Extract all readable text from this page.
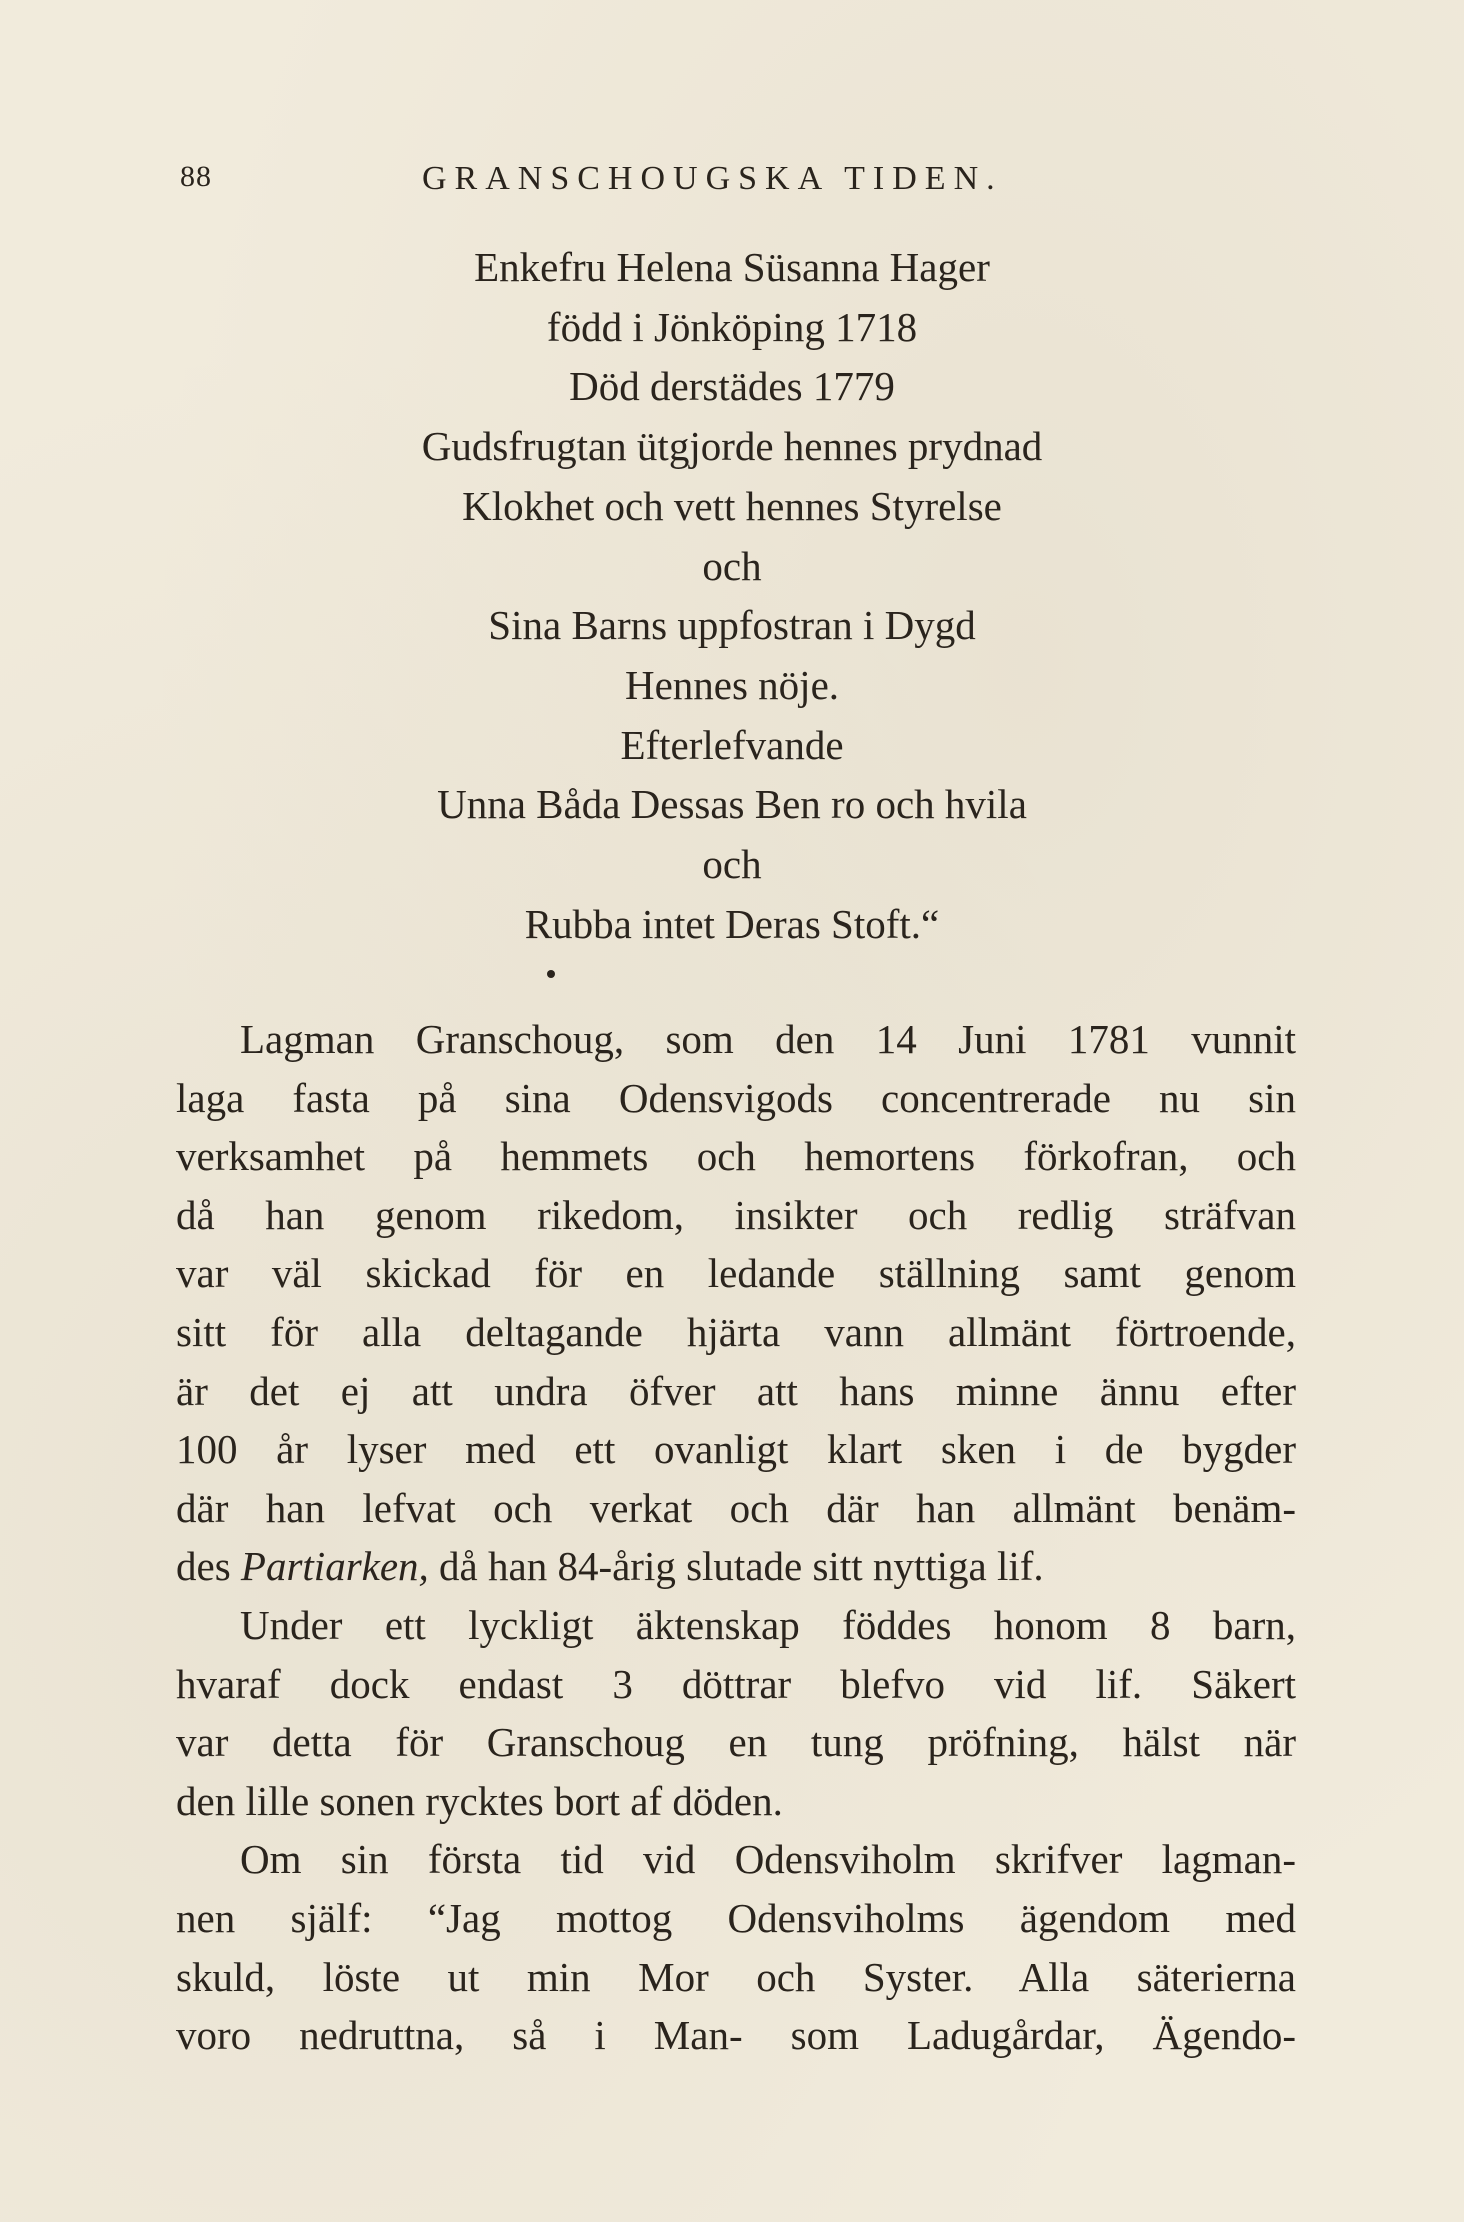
88	GRANSCHOUGSKA TIDEN.
Enkefru Helena Süsanna Hager
född i Jönköping 1718
Död derstädes 1779
Gudsfrugtan ütgjorde hennes prydnad
Klokhet och vett hennes Styrelse
och
Sina Barns uppfostran i Dygd
Hennes nöje.
Efterlefvande
Unna Båda Dessas Ben ro och hvila
och
Rubba intet Deras Stoft.“
Lagman Granschoug, som den 14 Juni 1781 vunnit
laga fasta på sina Odensvigods concentrerade nu sin
verksamhet på hemmets och hemortens förkofran, och
då han genom rikedom, insikter och redlig sträfvan
var väl skickad för en ledande ställning samt genom
sitt för alla deltagande hjärta vann allmänt förtroende,
är det ej att undra öfver att hans minne ännu efter
100 år lyser med ett ovanligt klart sken i de bygder
där han lefvat och verkat och där han allmänt benäm-
des Partiarken, då han 84-årig slutade sitt nyttiga lif.
Under ett lyckligt äktenskap föddes honom 8 barn,
hvaraf dock endast 3 döttrar blefvo vid lif. Säkert
var detta för Granschoug en tung pröfning, hälst när
den lille sonen rycktes bort af döden.
Om sin första tid vid Odensviholm skrifver lagman-
nen själf: “Jag mottog Odensviholms ägendom med
skuld, löste ut min Mor och Syster. Alla säterierna
voro nedruttna, så i Man- som Ladugårdar, Ägendo-
